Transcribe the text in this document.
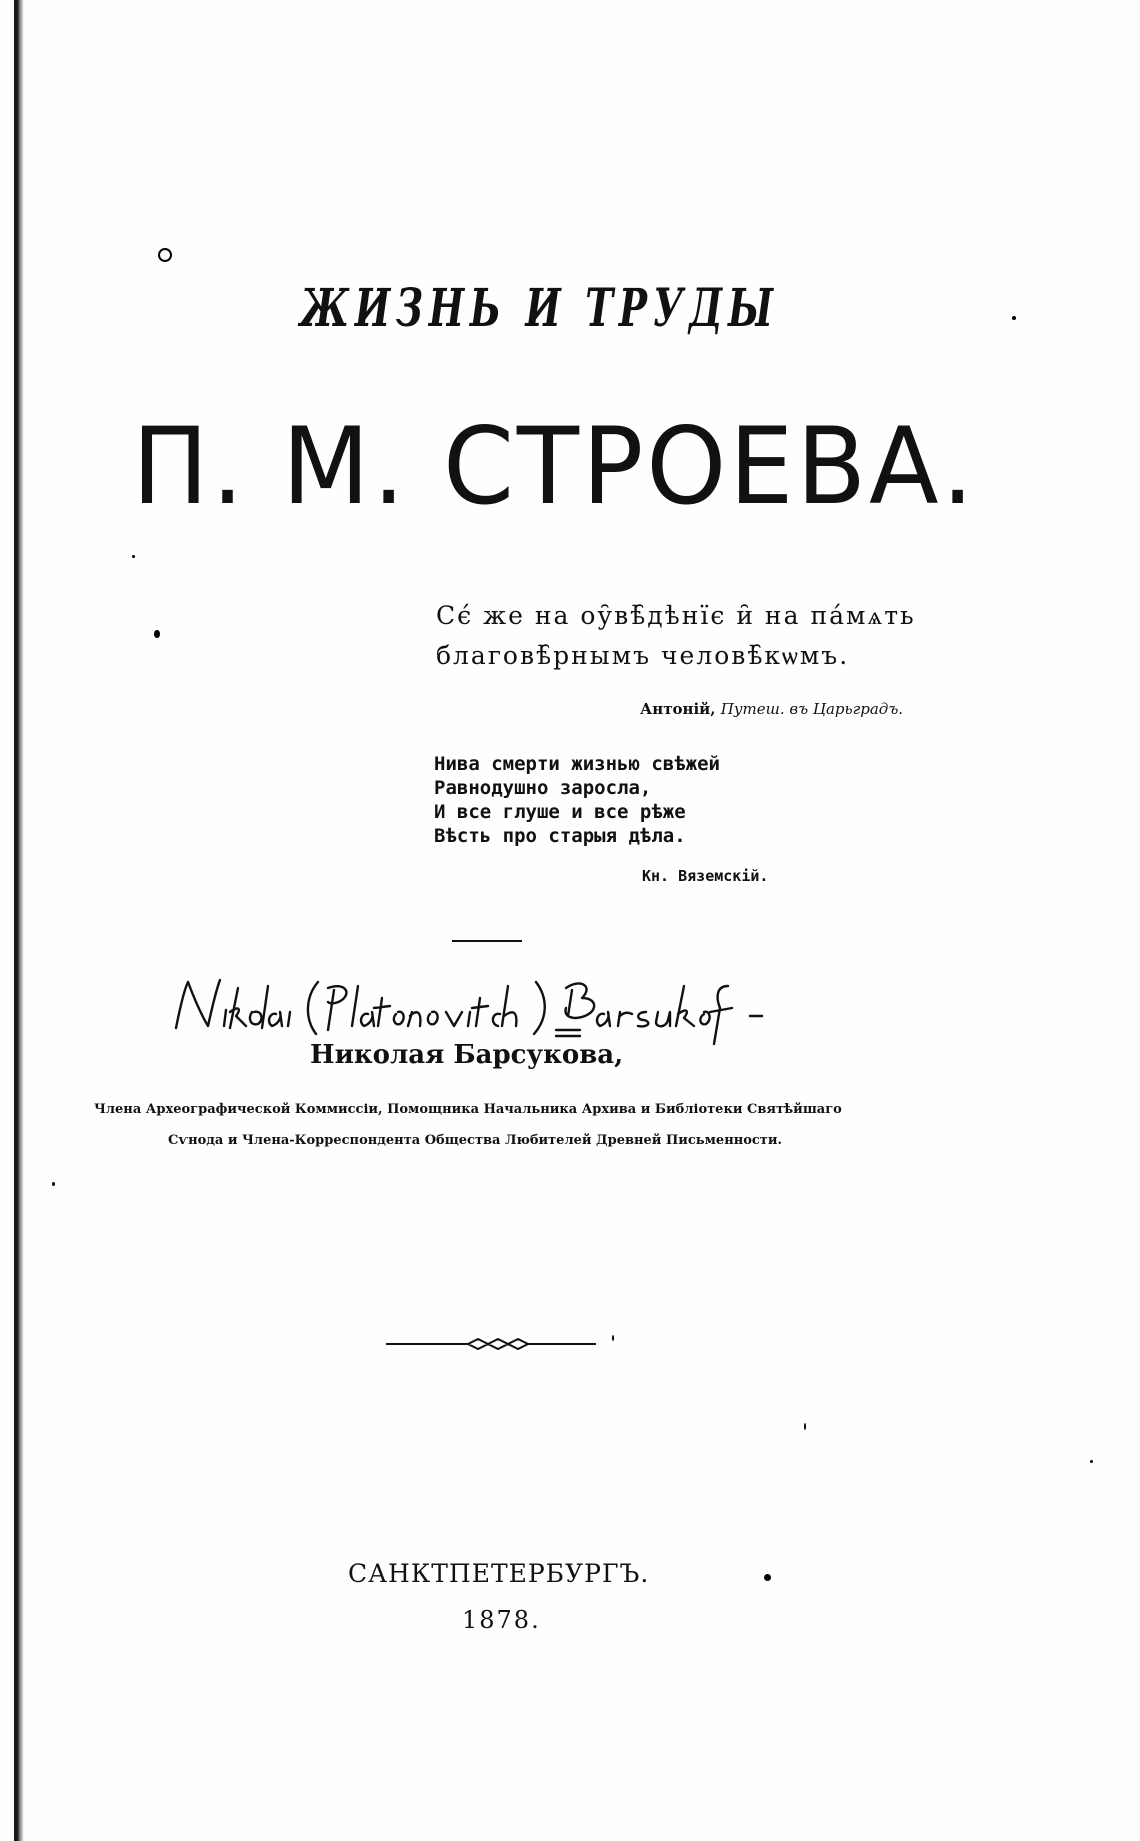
ЖИЗНЬ И ТРУДЫ
П. М. СТРОЕВА.
Сє́ же на оу̑вѣ̑дѣнїє и̑ на па́мѧть
благовѣ̑рнымъ человѣ̑кѡмъ.
Антоній, Путеш. въ Царьградъ.
Нива смерти жизнью свѣжей
Равнодушно заросла,
И все глуше и все рѣже
Вѣсть про старыя дѣла.
Кн. Вяземскій.
Николая Барсукова,
Члена Археографической Коммиссіи, Помощника Начальника Архива и Библіотеки Святѣйшаго
Сѵнода и Члена-Корреспондента Общества Любителей Древней Письменности.
САНКТПЕТЕРБУРГЪ.
1878.
